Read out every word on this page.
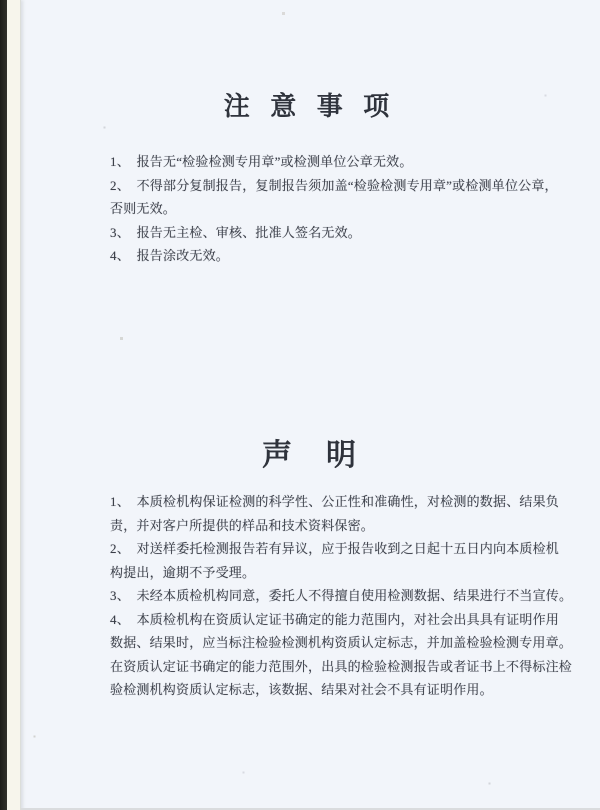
注 意 事 项
1、　报告无“检验检测专用章”或检测单位公章无效。
2、　不得部分复制报告，复制报告须加盖“检验检测专用章”或检测单位公章，
否则无效。
3、　报告无主检、审核、批准人签名无效。
4、　报告涂改无效。
声　明
1、　本质检机构保证检测的科学性、公正性和准确性，对检测的数据、结果负
责，并对客户所提供的样品和技术资料保密。
2、　对送样委托检测报告若有异议，应于报告收到之日起十五日内向本质检机
构提出，逾期不予受理。
3、　未经本质检机构同意，委托人不得擅自使用检测数据、结果进行不当宣传。
4、　本质检机构在资质认定证书确定的能力范围内，对社会出具具有证明作用
数据、结果时，应当标注检验检测机构资质认定标志，并加盖检验检测专用章。
在资质认定证书确定的能力范围外，出具的检验检测报告或者证书上不得标注检
验检测机构资质认定标志，该数据、结果对社会不具有证明作用。
